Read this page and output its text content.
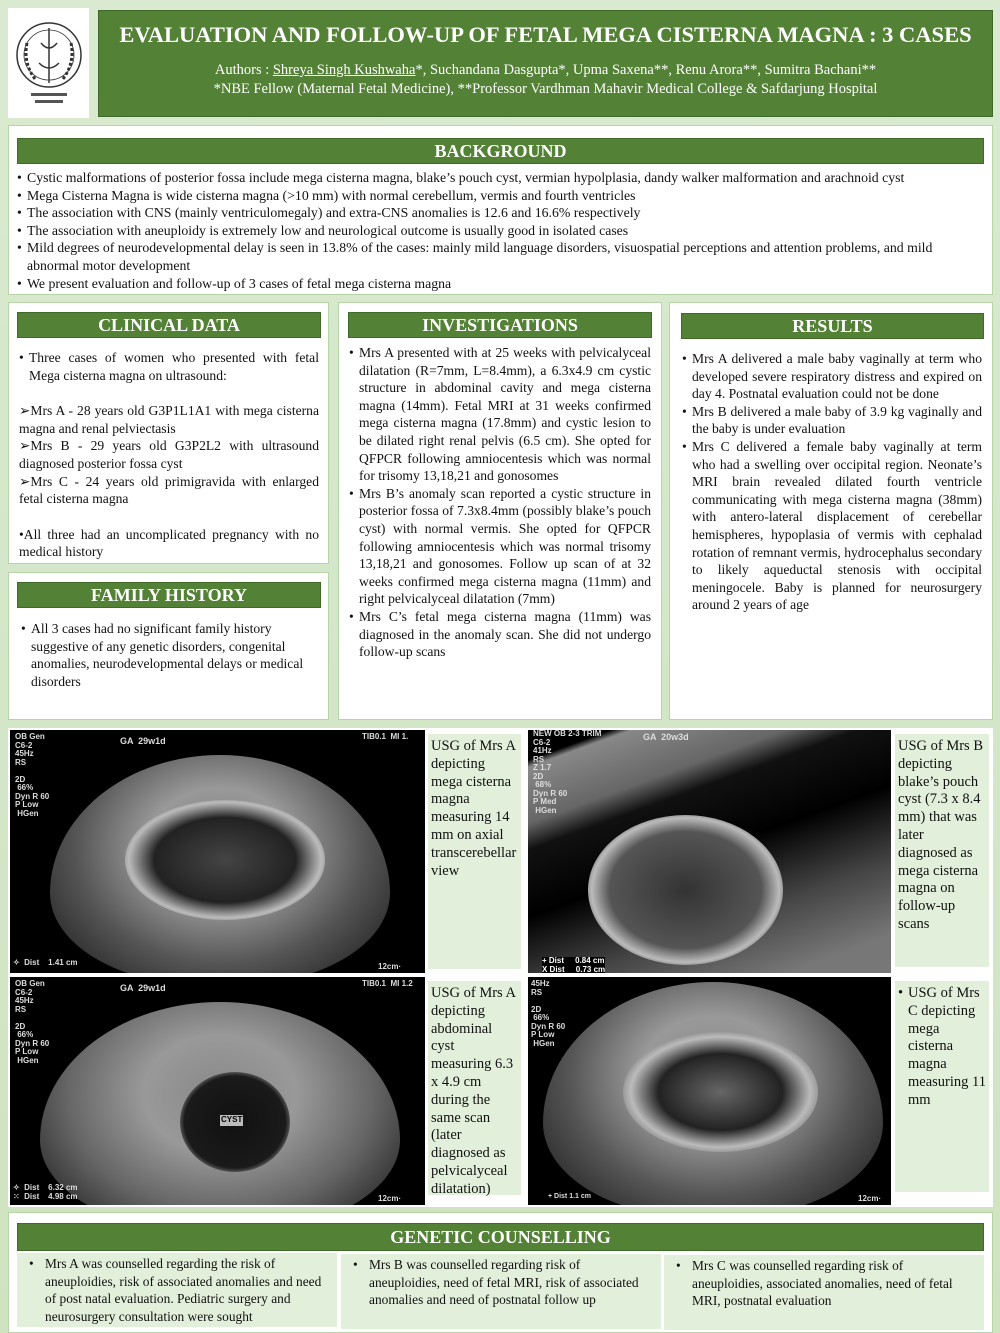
EVALUATION AND FOLLOW-UP OF FETAL MEGA CISTERNA MAGNA : 3 CASES

Authors : Shreya Singh Kushwaha*, Suchandana Dasgupta*, Upma Saxena**, Renu Arora**, Sumitra Bachani**

*NBE Fellow (Maternal Fetal Medicine), **Professor Vardhman Mahavir Medical College & Safdarjung Hospital

BACKGROUND
• Cystic malformations of posterior fossa include mega cisterna magna, blake’s pouch cyst, vermian hypolplasia, dandy walker malformation and arachnoid cyst
• Mega Cisterna Magna is wide cisterna magna (>10 mm) with normal cerebellum, vermis and fourth ventricles
• The association with CNS (mainly ventriculomegaly) and extra-CNS anomalies is 12.6 and 16.6% respectively
• The association with aneuploidy is extremely low and neurological outcome is usually good in isolated cases
• Mild degrees of neurodevelopmental delay is seen in 13.8% of the cases: mainly mild language disorders, visuospatial perceptions and attention problems, and mild abnormal motor development
• We present evaluation and follow-up of 3 cases of fetal mega cisterna magna
CLINICAL DATA
• Three cases of women who presented with fetal Mega cisterna magna on ultrasound:

➢Mrs A - 28 years old G3P1L1A1 with mega cisterna magna and renal pelviectasis

➢Mrs B - 29 years old G3P2L2 with ultrasound diagnosed posterior fossa cyst

➢Mrs C - 24 years old primigravida with enlarged fetal cisterna magna

•All three had an uncomplicated pregnancy with no medical history

FAMILY HISTORY
• All 3 cases had no significant family history suggestive of any genetic disorders, congenital anomalies, neurodevelopmental delays or medical disorders
INVESTIGATIONS
• Mrs A presented with at 25 weeks with pelvicalyceal dilatation (R=7mm, L=8.4mm), a 6.3x4.9 cm cystic structure in abdominal cavity and mega cisterna magna (14mm). Fetal MRI at 31 weeks confirmed mega cisterna magna (17.8mm) and cystic lesion to be dilated right renal pelvis (6.5 cm). She opted for QFPCR following amniocentesis which was normal for trisomy 13,18,21 and gonosomes
• Mrs B’s anomaly scan reported a cystic structure in posterior fossa of 7.3x8.4mm (possibly blake’s pouch cyst) with normal vermis. She opted for QFPCR following amniocentesis which was normal trisomy 13,18,21 and gonosomes. Follow up scan of at 32 weeks confirmed mega cisterna magna (11mm) and right pelvicalyceal dilatation (7mm)
• Mrs C’s fetal mega cisterna magna (11mm) was diagnosed in the anomaly scan. She did not undergo follow-up scans
RESULTS
• Mrs A delivered a male baby vaginally at term who developed severe respiratory distress and expired on day 4. Postnatal evaluation could not be done
• Mrs B delivered a male baby of 3.9 kg vaginally and the baby is under evaluation
• Mrs C delivered a female baby vaginally at term who had a swelling over occipital region. Neonate’s MRI brain revealed dilated fourth ventricle communicating with mega cisterna magna (38mm) with antero-lateral displacement of cerebellar hemispheres, hypoplasia of vermis with cephalad rotation of remnant vermis, hydrocephalus secondary to likely aqueductal stenosis with occipital meningocele. Baby is planned for neurosurgery around 2 years of age
OB Gen
C6-2
45Hz
RS

2D
66%
Dyn R 60
P Low
HGen
GA  29w1d	TIB0.1  MI 1.
✧  Dist    1.41 cm	12cm·
USG of Mrs A depicting mega cisterna magna measuring 14 mm on axial transcerebellar view
CYST
OB Gen
C6-2
45Hz
RS

2D
66%
Dyn R 60
P Low
HGen
GA  29w1d	TIB0.1  MI 1.2
✧  Dist    6.32 cm
⁙  Dist    4.98 cm	12cm·
USG of Mrs A depicting abdominal cyst measuring 6.3 x 4.9 cm during the same scan (later diagnosed as pelvicalyceal dilatation)
NEW OB 2-3 TRIM
C6-2
41Hz
RS
Z 1.7
2D
68%
Dyn R 60
P Med
HGen
GA  20w3d
+ Dist     0.84 cm
X Dist     0.73 cm
USG of Mrs B depicting blake’s pouch cyst (7.3 x 8.4 mm) that was later diagnosed as mega cisterna magna on follow-up scans
45Hz
RS

2D
66%
Dyn R 60
P Low
HGen
+ Dist 1.1 cm	12cm·
• USG of Mrs C depicting mega cisterna magna measuring 11 mm
GENETIC COUNSELLING
• Mrs A was counselled regarding the risk of aneuploidies, risk of associated anomalies and need of post natal evaluation. Pediatric surgery and neurosurgery consultation were sought
• Mrs B was counselled regarding risk of aneuploidies, need of fetal MRI, risk of associated anomalies and need of postnatal follow up
• Mrs C was counselled regarding risk of aneuploidies, associated anomalies, need of fetal MRI, postnatal evaluation
